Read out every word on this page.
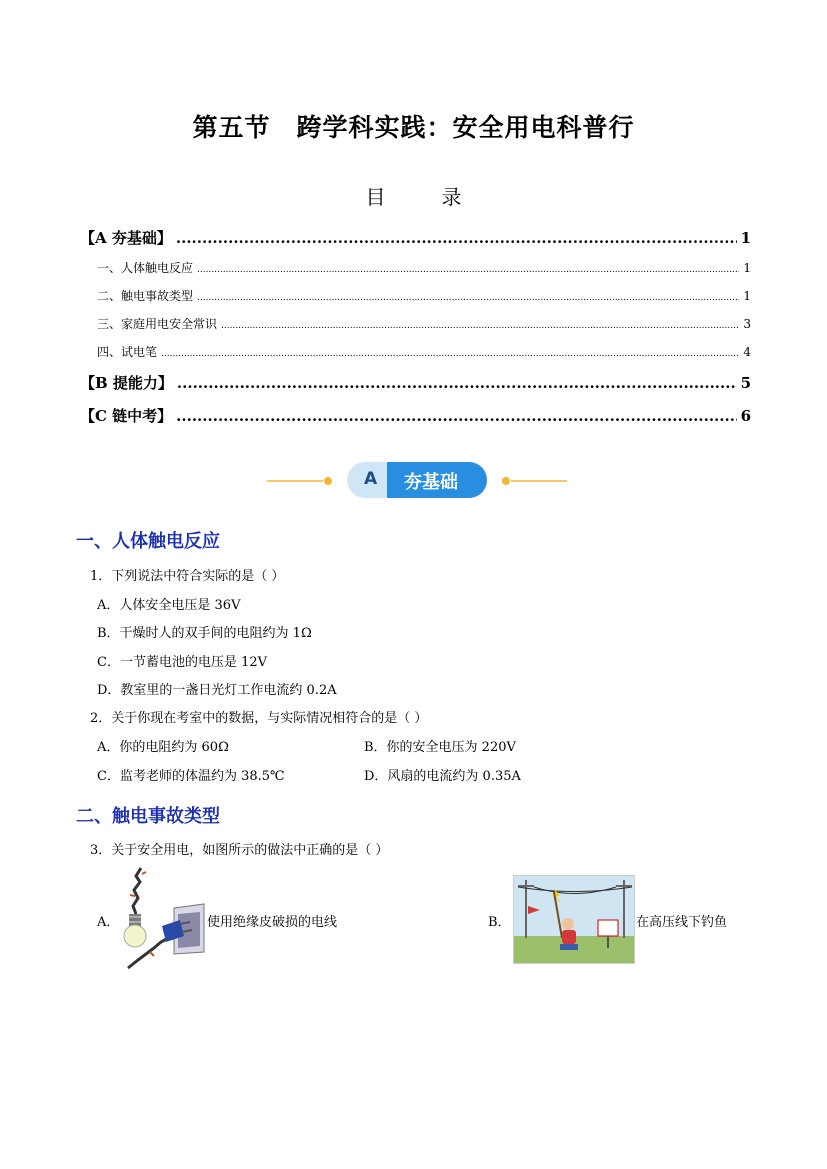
第五节　跨学科实践：安全用电科普行
目　录
【A 夯基础】 .....	1
一、人体触电反应 .....	1
二、触电事故类型 .....	1
三、家庭用电安全常识 .....	3
四、试电笔 .....	4
【B 提能力】 .....	5
【C 链中考】 .....	6
A 夯基础
一、人体触电反应
1．下列说法中符合实际的是（ ）
A．人体安全电压是 36V
B．干燥时人的双手间的电阻约为 1Ω
C．一节蓄电池的电压是 12V
D．教室里的一盏日光灯工作电流约 0.2A
2．关于你现在考室中的数据，与实际情况相符合的是（ ）
A．你的电阻约为 60Ω	B．你的安全电压为 220V
C．监考老师的体温约为 38.5℃	D．风扇的电流约为 0.35A
二、触电事故类型
3．关于安全用电，如图所示的做法中正确的是（ ）
A．	使用绝缘皮破损的电线	B．	在高压线下钓鱼
